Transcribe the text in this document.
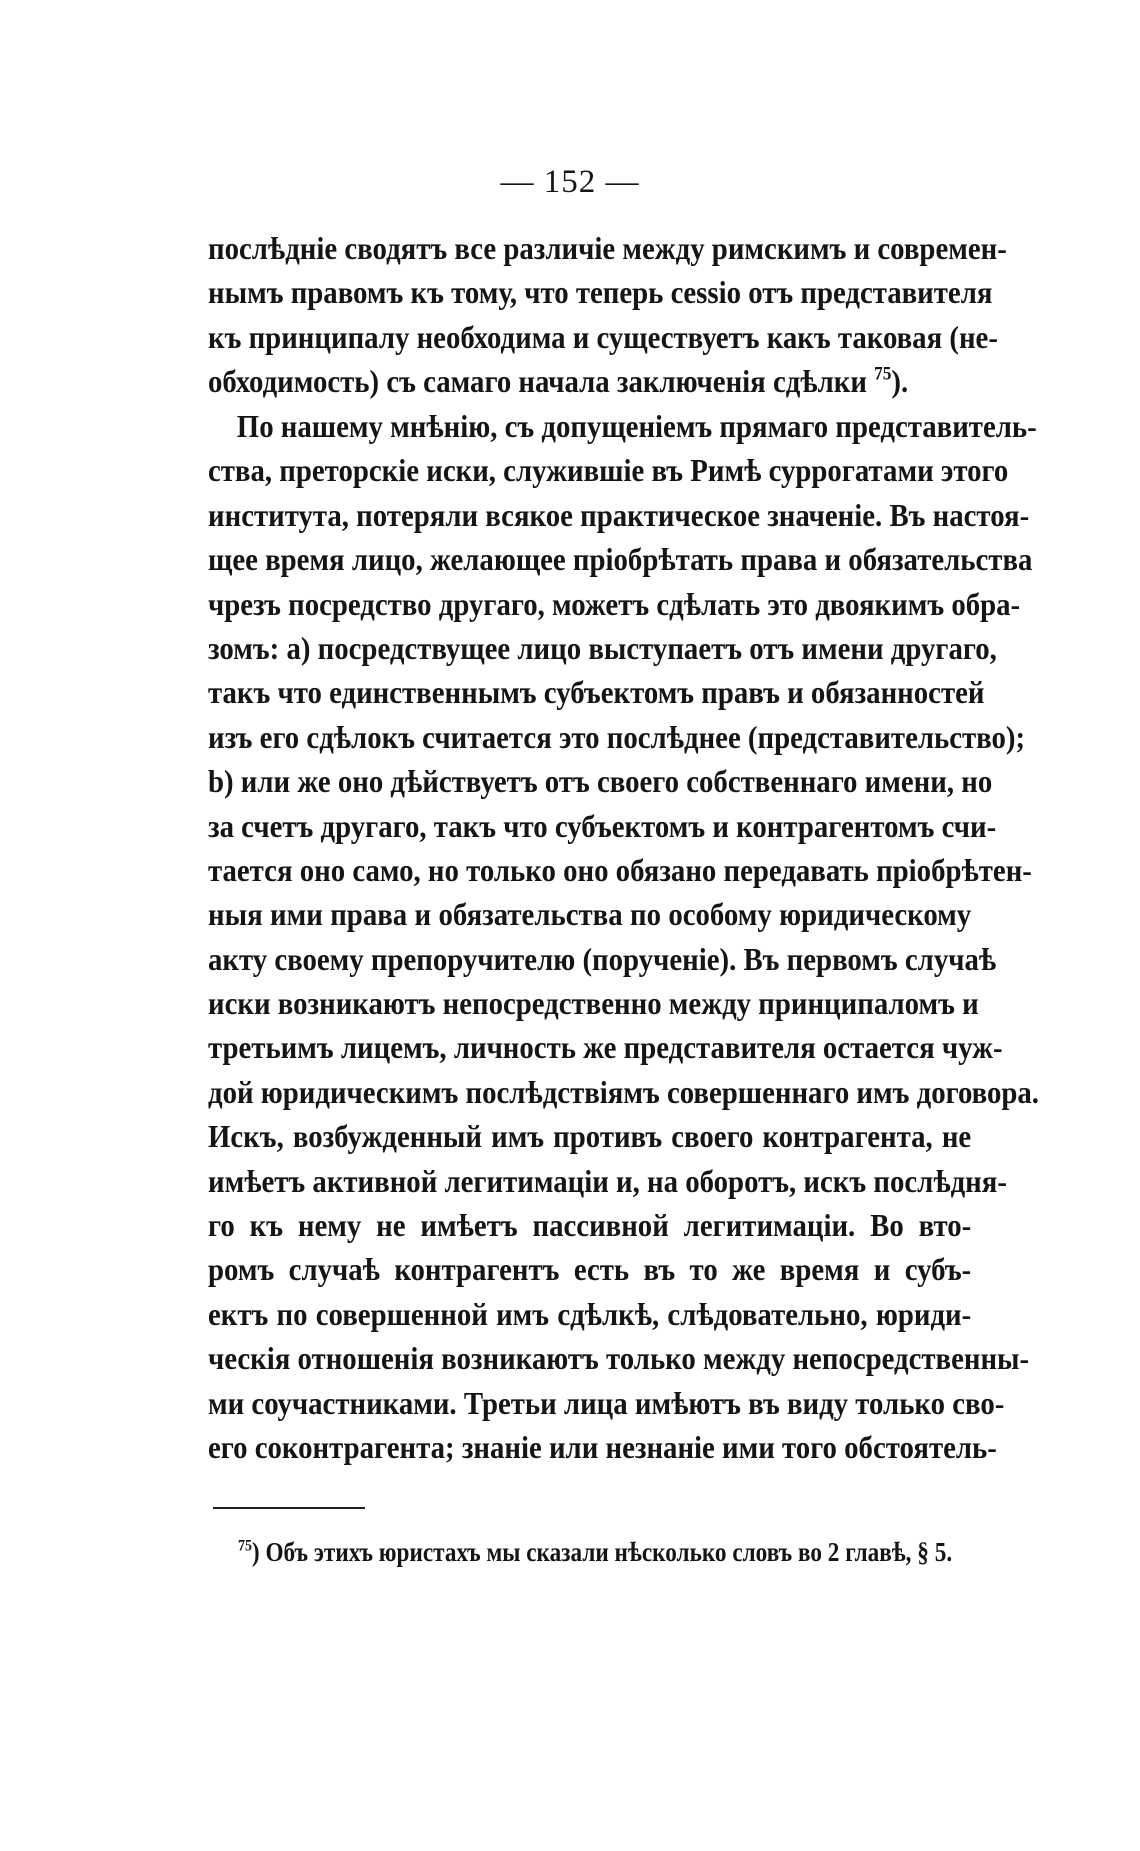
— 152 —
послѣдніе сводятъ все различіе между римскимъ и современ-
нымъ правомъ къ тому, что теперь cessio отъ представителя
къ принципалу необходима и существуетъ какъ таковая (не-
обходимость) съ самаго начала заключенія сдѣлки $^{75}$).
По нашему мнѣнію, съ допущеніемъ прямаго представитель-
ства, преторскіе иски, служившіе въ Римѣ суррогатами этого
института, потеряли всякое практическое значеніе. Въ настоя-
щее время лицо, желающее пріобрѣтать права и обязательства
чрезъ посредство другаго, можетъ сдѣлать это двоякимъ обра-
зомъ: a) посредствущее лицо выступаетъ отъ имени другаго,
такъ что единственнымъ субъектомъ правъ и обязанностей
изъ его сдѣлокъ считается это послѣднее (представительство);
b) или же оно дѣйствуетъ отъ своего собственнаго имени, но
за счетъ другаго, такъ что субъектомъ и контрагентомъ счи-
тается оно само, но только оно обязано передавать пріобрѣтен-
ныя ими права и обязательства по особому юридическому
акту своему препоручителю (порученіе). Въ первомъ случаѣ
иски возникаютъ непосредственно между принципаломъ и
третьимъ лицемъ, личность же представителя остается чуж-
дой юридическимъ послѣдствіямъ совершеннаго имъ договора.
Искъ, возбужденный имъ противъ своего контрагента, не
имѣетъ активной легитимаціи и, на оборотъ, искъ послѣдня-
го къ нему не имѣетъ пассивной легитимаціи. Во вто-
ромъ случаѣ контрагентъ есть въ то же время и субъ-
ектъ по совершенной имъ сдѣлкѣ, слѣдовательно, юриди-
ческія отношенія возникаютъ только между непосредственны-
ми соучастниками. Третьи лица имѣютъ въ виду только сво-
его соконтрагента; знаніе или незнаніе ими того обстоятель-
$^{75}$) Объ этихъ юристахъ мы сказали нѣсколько словъ во 2 главѣ, § 5.
